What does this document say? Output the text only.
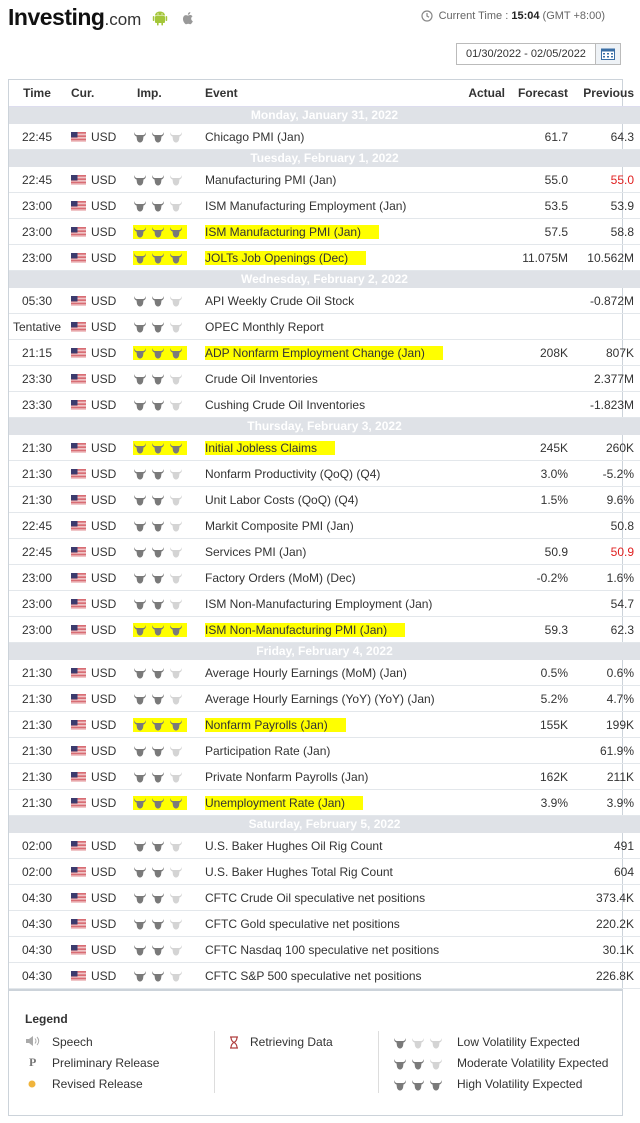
Investing.com	Current Time : 15:04 (GMT +8:00)
01/30/2022 - 02/05/2022
Time	Cur.	Imp.	Event	Actual	Forecast	Previous
Monday, January 31, 2022						
22:45	USD		Chicago PMI (Jan)		61.7	64.3
Tuesday, February 1, 2022						
22:45	USD		Manufacturing PMI (Jan)		55.0	55.0
23:00	USD		ISM Manufacturing Employment (Jan)		53.5	53.9
23:00	USD		ISM Manufacturing PMI (Jan)		57.5	58.8
23:00	USD		JOLTs Job Openings (Dec)		11.075M	10.562M
Wednesday, February 2, 2022						
05:30	USD		API Weekly Crude Oil Stock			-0.872M
Tentative	USD		OPEC Monthly Report			
21:15	USD		ADP Nonfarm Employment Change (Jan)		208K	807K
23:30	USD		Crude Oil Inventories			2.377M
23:30	USD		Cushing Crude Oil Inventories			-1.823M
Thursday, February 3, 2022						
21:30	USD		Initial Jobless Claims		245K	260K
21:30	USD		Nonfarm Productivity (QoQ) (Q4)		3.0%	-5.2%
21:30	USD		Unit Labor Costs (QoQ) (Q4)		1.5%	9.6%
22:45	USD		Markit Composite PMI (Jan)			50.8
22:45	USD		Services PMI (Jan)		50.9	50.9
23:00	USD		Factory Orders (MoM) (Dec)		-0.2%	1.6%
23:00	USD		ISM Non-Manufacturing Employment (Jan)			54.7
23:00	USD		ISM Non-Manufacturing PMI (Jan)		59.3	62.3
Friday, February 4, 2022						
21:30	USD		Average Hourly Earnings (MoM) (Jan)		0.5%	0.6%
21:30	USD		Average Hourly Earnings (YoY) (YoY) (Jan)		5.2%	4.7%
21:30	USD		Nonfarm Payrolls (Jan)		155K	199K
21:30	USD		Participation Rate (Jan)			61.9%
21:30	USD		Private Nonfarm Payrolls (Jan)		162K	211K
21:30	USD		Unemployment Rate (Jan)		3.9%	3.9%
Saturday, February 5, 2022						
02:00	USD		U.S. Baker Hughes Oil Rig Count			491
02:00	USD		U.S. Baker Hughes Total Rig Count			604
04:30	USD		CFTC Crude Oil speculative net positions			373.4K
04:30	USD		CFTC Gold speculative net positions			220.2K
04:30	USD		CFTC Nasdaq 100 speculative net positions			30.1K
04:30	USD		CFTC S&P 500 speculative net positions			226.8K
Legend
Speech
P Preliminary Release
Revised Release
Retrieving Data	Low Volatility Expected
Moderate Volatility Expected
High Volatility Expected
